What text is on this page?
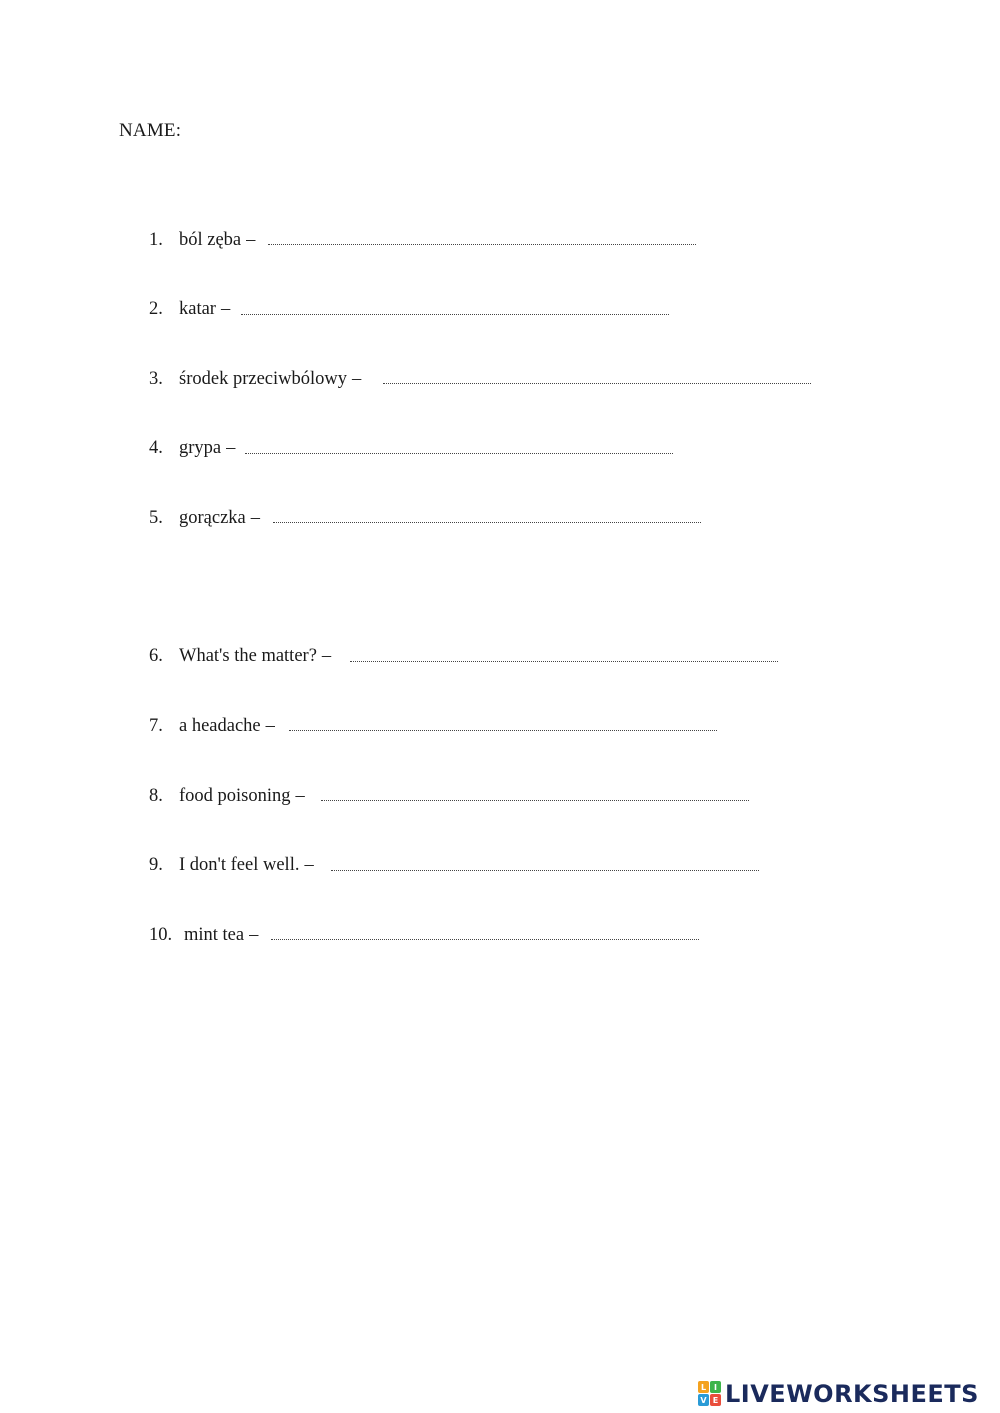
NAME:
1. ból zęba –
2. katar –
3. środek przeciwbólowy –
4. grypa –
5. gorączka –
6. What's the matter? –
7. a headache –
8. food poisoning –
9. I don't feel well. –
10. mint tea –
L I
V E LIVEWORKSHEETS
